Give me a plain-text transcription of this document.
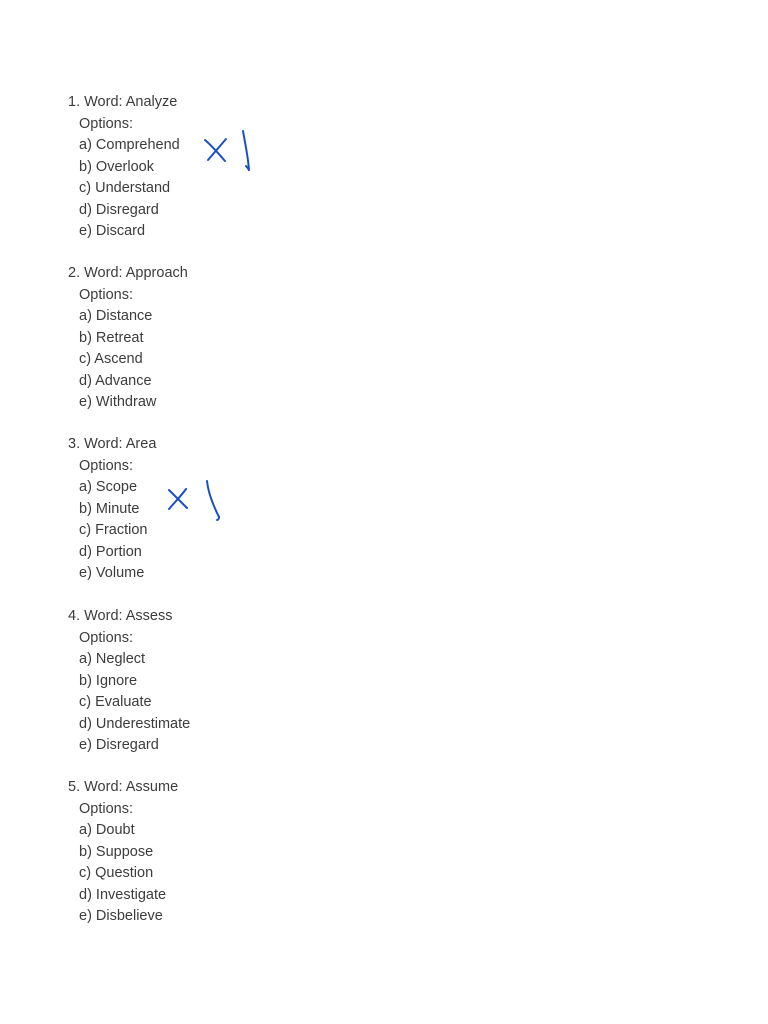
1. Word: Analyze
Options:
a) Comprehend
b) Overlook
c) Understand
d) Disregard
e) Discard
2. Word: Approach
Options:
a) Distance
b) Retreat
c) Ascend
d) Advance
e) Withdraw
3. Word: Area
Options:
a) Scope
b) Minute
c) Fraction
d) Portion
e) Volume
4. Word: Assess
Options:
a) Neglect
b) Ignore
c) Evaluate
d) Underestimate
e) Disregard
5. Word: Assume
Options:
a) Doubt
b) Suppose
c) Question
d) Investigate
e) Disbelieve
